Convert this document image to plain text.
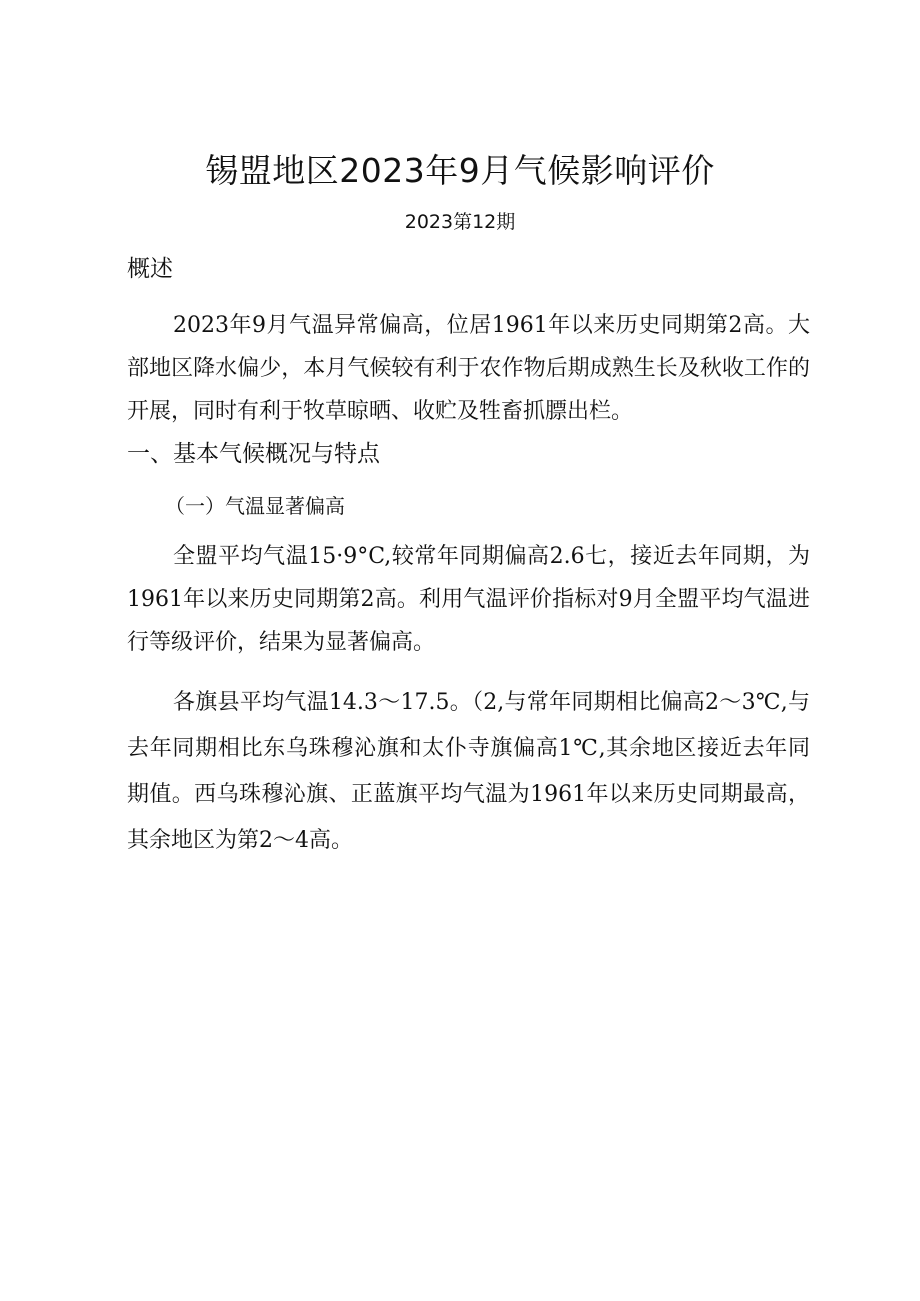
锡盟地区2023年9月气候影响评价
2023第12期
概述
2023年9月气温异常偏高，位居1961年以来历史同期第2高。大部地区降水偏少，本月气候较有利于农作物后期成熟生长及秋收工作的开展，同时有利于牧草晾晒、收贮及牲畜抓膘出栏。
一、基本气候概况与特点
（一）气温显著偏高
全盟平均气温15·9°C,较常年同期偏高2.6七，接近去年同期，为1961年以来历史同期第2高。利用气温评价指标对9月全盟平均气温进行等级评价，结果为显著偏高。
各旗县平均气温14.3～17.5。（2,与常年同期相比偏高2～3℃,与去年同期相比东乌珠穆沁旗和太仆寺旗偏高1℃,其余地区接近去年同期值。西乌珠穆沁旗、正蓝旗平均气温为1961年以来历史同期最高，其余地区为第2～4高。
